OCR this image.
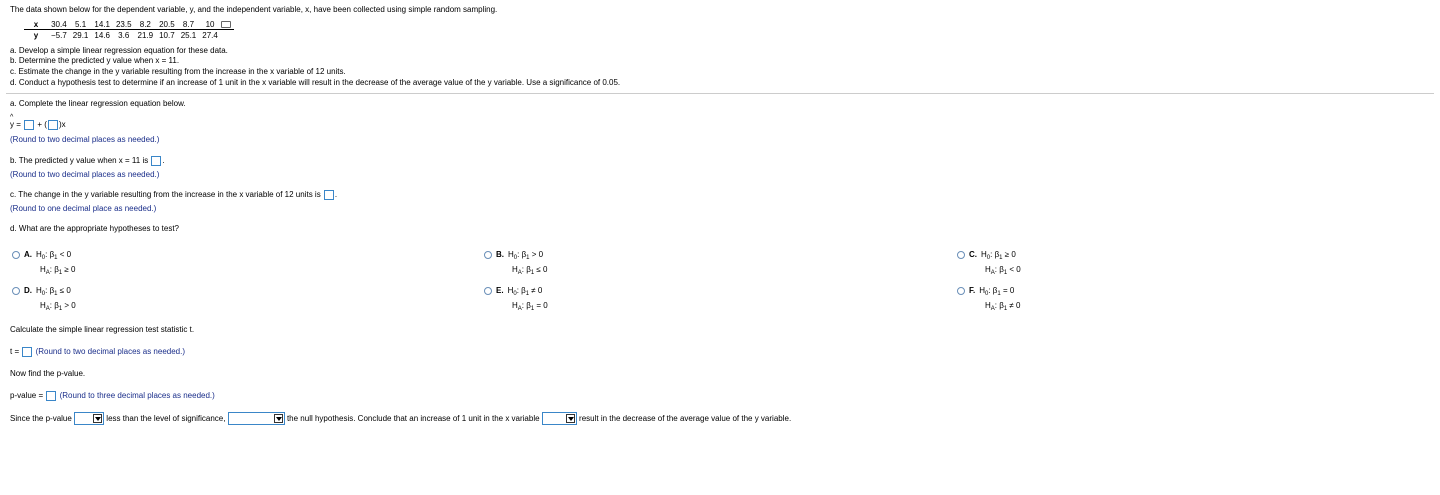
The data shown below for the dependent variable, y, and the independent variable, x, have been collected using simple random sampling.
x	30.4	5.1	14.1	23.5	8.2	20.5	8.7	10	
y	−5.7	29.1	14.6	3.6	21.9	10.7	25.1	27.4	
a. Develop a simple linear regression equation for these data.
b. Determine the predicted y value when x = 11.
c. Estimate the change in the y variable resulting from the increase in the x variable of 12 units.
d. Conduct a hypothesis test to determine if an increase of 1 unit in the x variable will result in the decrease of the average value of the y variable. Use a significance of 0.05.
a. Complete the linear regression equation below.
^ y = + ( )x
(Round to two decimal places as needed.)
b. The predicted y value when x = 11 is .
(Round to two decimal places as needed.)
c. The change in the y variable resulting from the increase in the x variable of 12 units is .
(Round to one decimal place as needed.)
d. What are the appropriate hypotheses to test?
A. $H_0$: $\beta_1 < 0$
$H_A$: $\beta_1 \ge 0$
B. $H_0$: $\beta_1 > 0$
$H_A$: $\beta_1 \le 0$
C. $H_0$: $\beta_1 \ge 0$
$H_A$: $\beta_1 < 0$
D. $H_0$: $\beta_1 \le 0$
$H_A$: $\beta_1 > 0$
E. $H_0$: $\beta_1 \ne 0$
$H_A$: $\beta_1 = 0$
F. $H_0$: $\beta_1 = 0$
$H_A$: $\beta_1 \ne 0$
Calculate the simple linear regression test statistic t.
t = (Round to two decimal places as needed.)
Now find the p-value.
p-value = (Round to three decimal places as needed.)
Since the p-value	less than the level of significance,	the null hypothesis. Conclude that an increase of 1 unit in the x variable	result in the decrease of the average value of the y variable.
